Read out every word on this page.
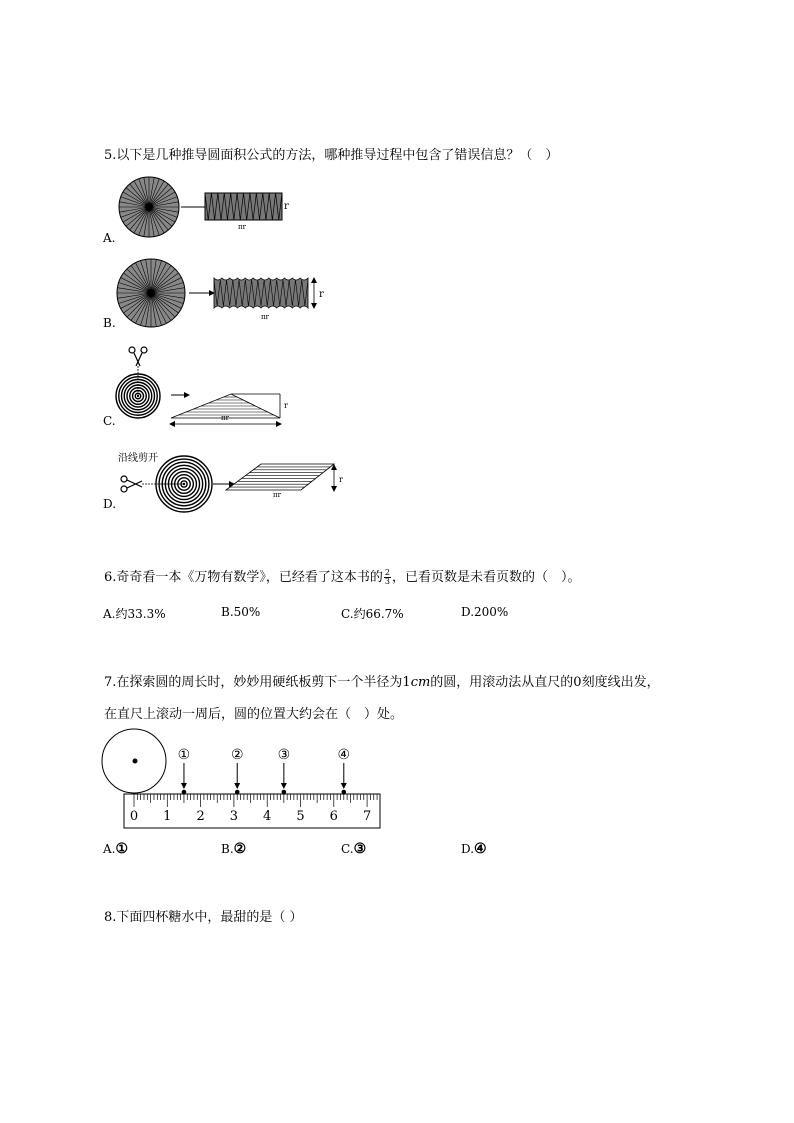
5.以下是几种推导圆面积公式的方法，哪种推导过程中包含了错误信息？（　）
A.
r
πr
B.
r
πr
C.
r
πr
D.
沿线剪开
r
πr
6.奇奇看一本《万物有数学》，已经看了这本书的 $\frac{2}{3}$ ，已看页数是未看页数的（　）。
A.约33.3%	B.50%	C.约66.7%	D.200%
7.在探索圆的周长时，妙妙用硬纸板剪下一个半径为1cm的圆，用滚动法从直尺的0刻度线出发，
在直尺上滚动一周后，圆的位置大约会在（　）处。
0 1 2 3 4 5 6 7
①	② ③	④
A.①	B.②	C.③	D.④
8.下面四杯糖水中，最甜的是（ ）
